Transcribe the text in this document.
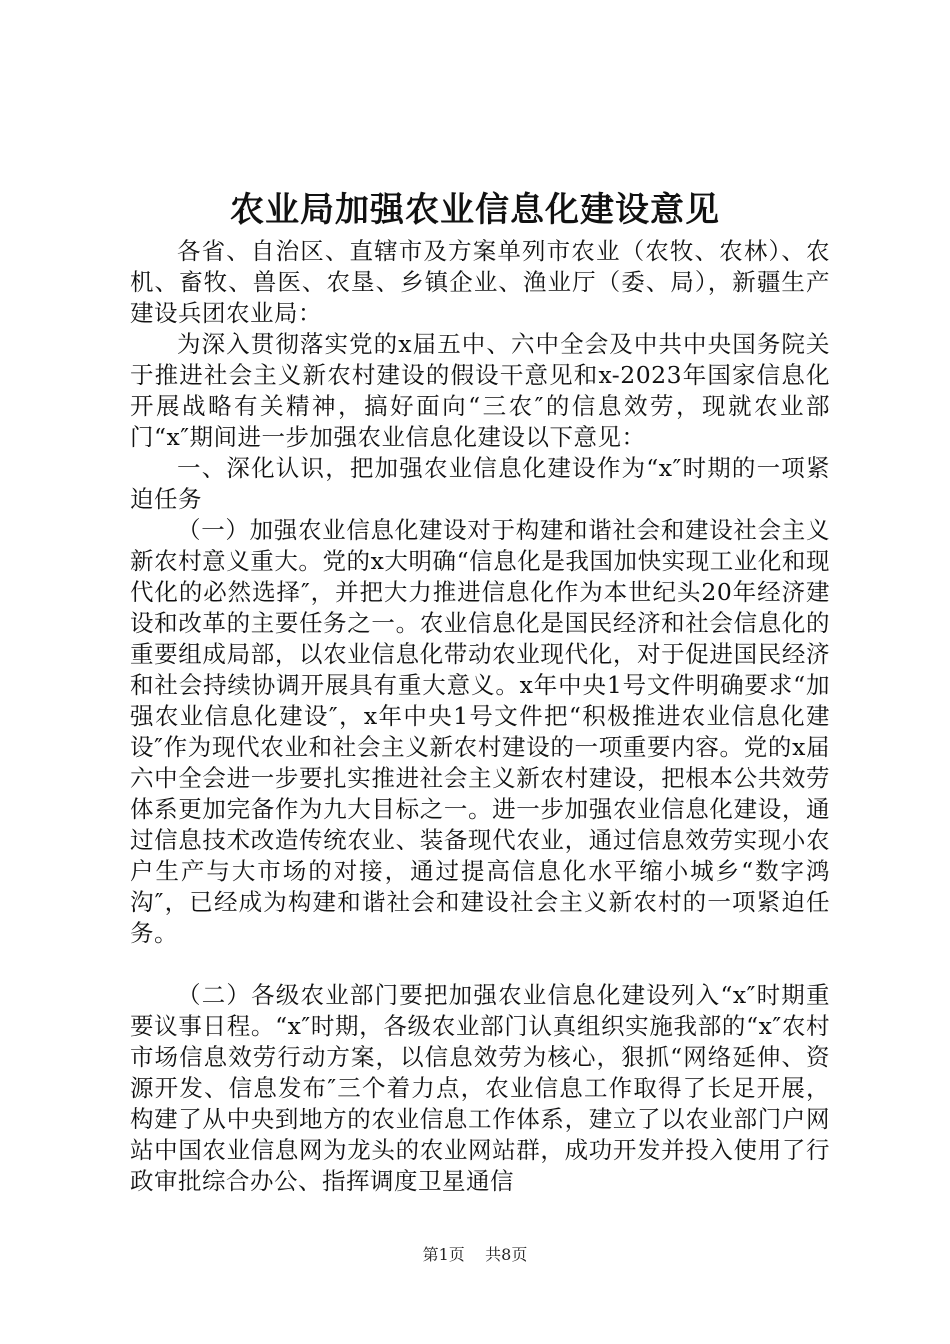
农业局加强农业信息化建设意见

各省、自治区、直辖市及方案单列市农业（农牧、农林）、农机、畜牧、兽医、农垦、乡镇企业、渔业厅（委、局），新疆生产建设兵团农业局：

为深入贯彻落实党的x届五中、六中全会及中共中央国务院关于推进社会主义新农村建设的假设干意见和x-2023年国家信息化开展战略有关精神，搞好面向“三农″的信息效劳，现就农业部门“x″期间进一步加强农业信息化建设以下意见：

一、深化认识，把加强农业信息化建设作为“x″时期的一项紧迫任务

（一）加强农业信息化建设对于构建和谐社会和建设社会主义新农村意义重大。党的x大明确“信息化是我国加快实现工业化和现代化的必然选择″，并把大力推进信息化作为本世纪头20年经济建设和改革的主要任务之一。农业信息化是国民经济和社会信息化的重要组成局部，以农业信息化带动农业现代化，对于促进国民经济和社会持续协调开展具有重大意义。x年中央1号文件明确要求“加强农业信息化建设″，x年中央1号文件把“积极推进农业信息化建设″作为现代农业和社会主义新农村建设的一项重要内容。党的x届六中全会进一步要扎实推进社会主义新农村建设，把根本公共效劳体系更加完备作为九大目标之一。进一步加强农业信息化建设，通过信息技术改造传统农业、装备现代农业，通过信息效劳实现小农户生产与大市场的对接，通过提高信息化水平缩小城乡“数字鸿沟″，已经成为构建和谐社会和建设社会主义新农村的一项紧迫任务。

（二）各级农业部门要把加强农业信息化建设列入“x″时期重要议事日程。“x″时期，各级农业部门认真组织实施我部的“x″农村市场信息效劳行动方案，以信息效劳为核心，狠抓“网络延伸、资源开发、信息发布″三个着力点，农业信息工作取得了长足开展，构建了从中央到地方的农业信息工作体系，建立了以农业部门户网站中国农业信息网为龙头的农业网站群，成功开发并投入使用了行政审批综合办公、指挥调度卫星通信

第1页 共8页
